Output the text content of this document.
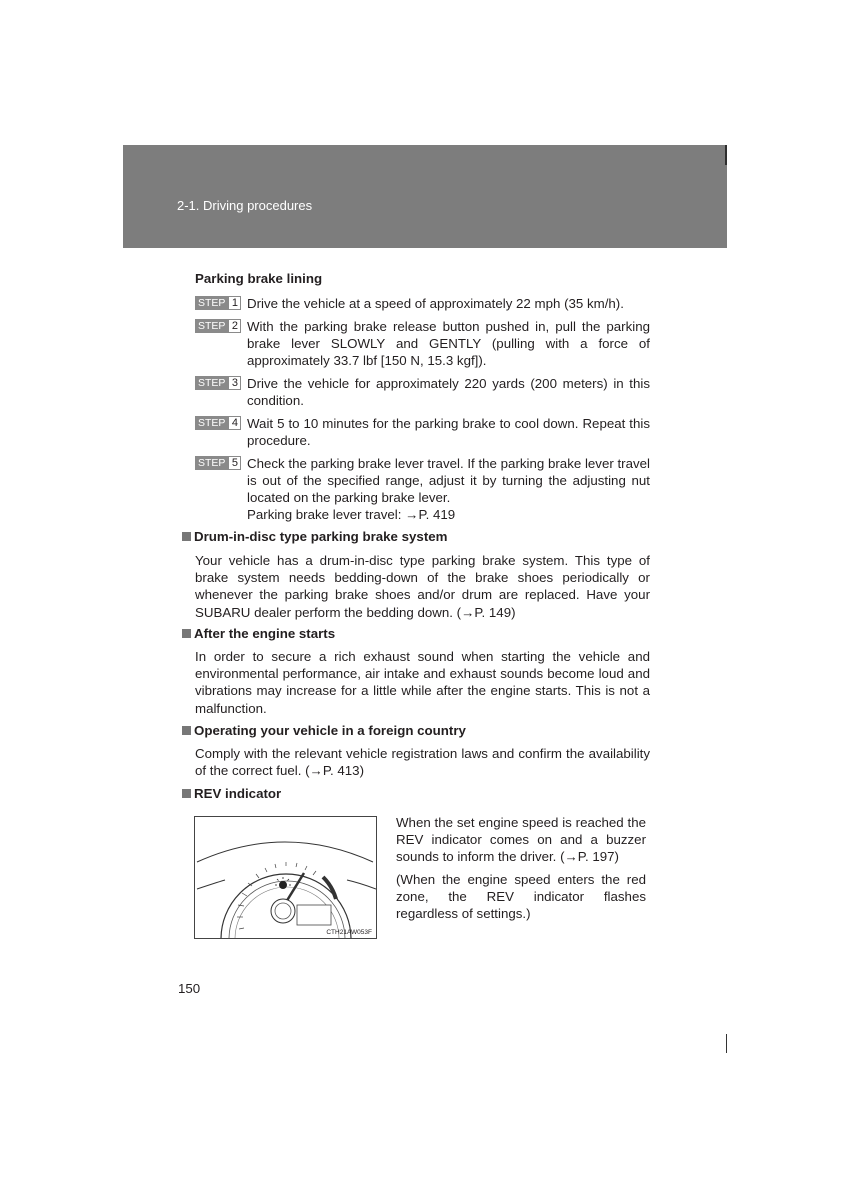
2-1. Driving procedures
Parking brake lining
STEP 1 Drive the vehicle at a speed of approximately 22 mph (35 km/h).
STEP 2 With the parking brake release button pushed in, pull the parking brake lever SLOWLY and GENTLY (pulling with a force of approximately 33.7 lbf [150 N, 15.3 kgf]).
STEP 3 Drive the vehicle for approximately 220 yards (200 meters) in this condition.
STEP 4 Wait 5 to 10 minutes for the parking brake to cool down. Repeat this procedure.
STEP 5 Check the parking brake lever travel. If the parking brake lever travel is out of the specified range, adjust it by turning the adjusting nut located on the parking brake lever.
Parking brake lever travel: →P. 419
Drum-in-disc type parking brake system
Your vehicle has a drum-in-disc type parking brake system. This type of brake system needs bedding-down of the brake shoes periodically or whenever the parking brake shoes and/or drum are replaced. Have your SUBARU dealer perform the bedding down. (→P. 149)
After the engine starts
In order to secure a rich exhaust sound when starting the vehicle and environmental performance, air intake and exhaust sounds become loud and vibrations may increase for a little while after the engine starts. This is not a malfunction.
Operating your vehicle in a foreign country
Comply with the relevant vehicle registration laws and confirm the availability of the correct fuel. (→P. 413)
REV indicator
CTH21AW053F
When the set engine speed is reached the REV indicator comes on and a buzzer sounds to inform the driver. (→P. 197)
(When the engine speed enters the red zone, the REV indicator flashes regardless of settings.)
150
